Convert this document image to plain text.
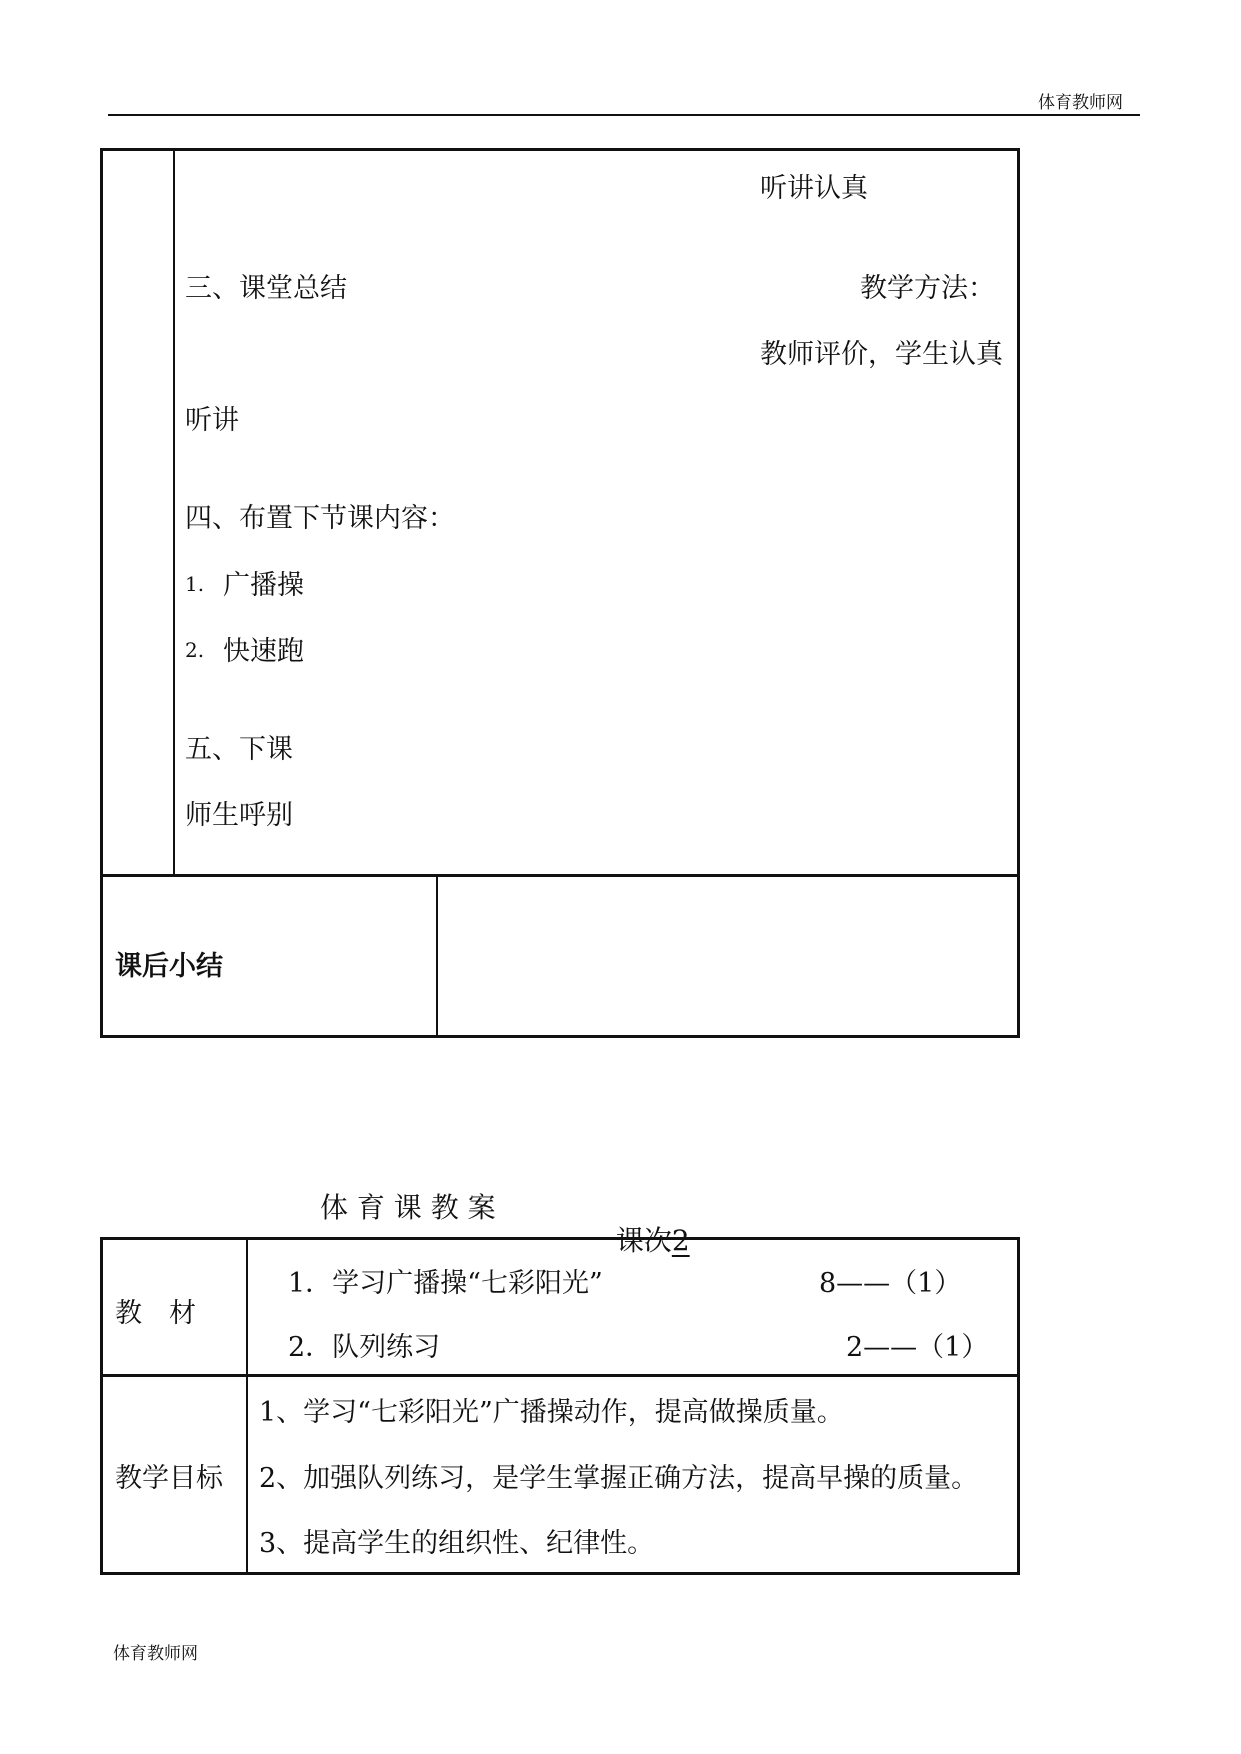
体育教师网
听讲认真
三、课堂总结	教学方法：
教师评价，学生认真
听讲
四、布置下节课内容：
1. 广播操
2. 快速跑
五、下课
师生呼别
课后小结
体 育 课 教 案

课次2

教　材
1．学习广播操“七彩阳光”	8——（1）
2．队列练习	2——（1）
教学目标
1、学习“七彩阳光”广播操动作，提高做操质量。
2、加强队列练习，是学生掌握正确方法，提高早操的质量。
3、提高学生的组织性、纪律性。
体育教师网
